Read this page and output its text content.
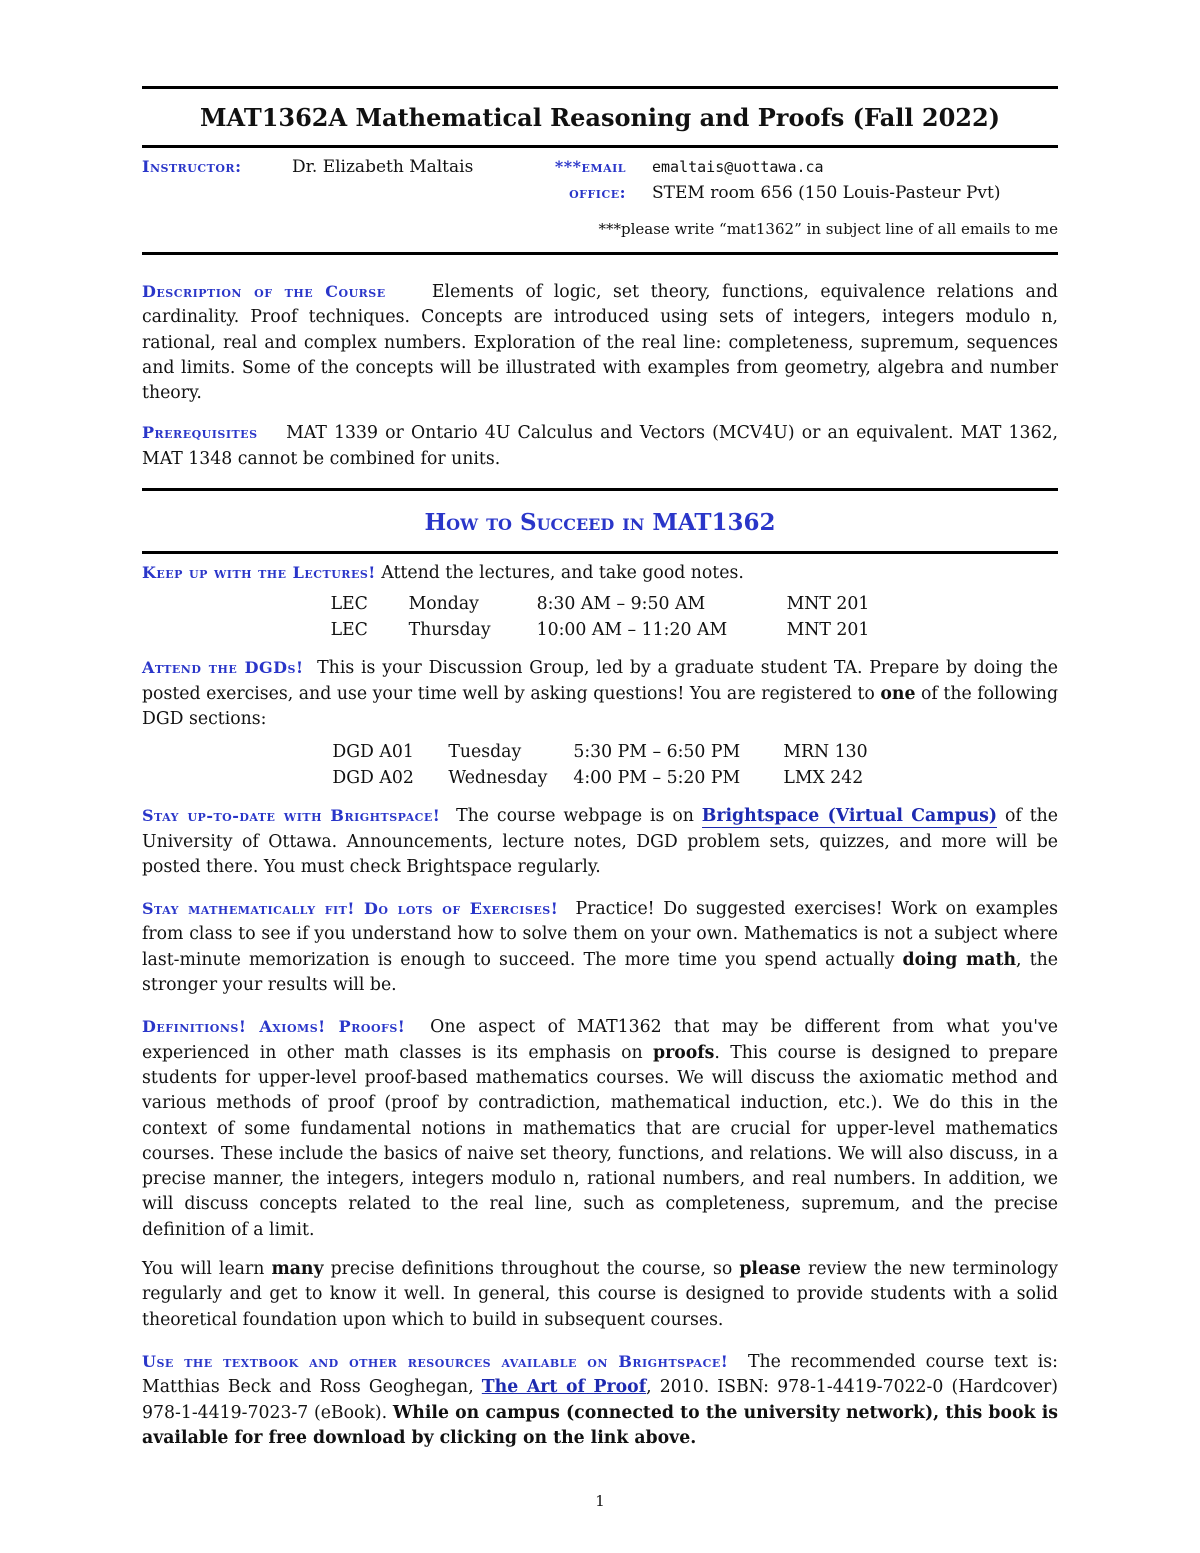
MAT1362A Mathematical Reasoning and Proofs (Fall 2022)
Instructor:	Dr. Elizabeth Maltais	***email	emaltais@uottawa.ca
office:	STEM room 656 (150 Louis-Pasteur Pvt)
***please write “mat1362” in subject line of all emails to me

Description of the Course	Elements of logic, set theory, functions, equivalence relations and cardinality. Proof techniques. Concepts are introduced using sets of integers, integers modulo n, rational, real and complex numbers. Exploration of the real line: completeness, supremum, sequences and limits. Some of the concepts will be illustrated with examples from geometry, algebra and number theory.

Prerequisites MAT 1339 or Ontario 4U Calculus and Vectors (MCV4U) or an equivalent. MAT 1362, MAT 1348 cannot be combined for units.

How to Succeed in MAT1362

Keep up with the Lectures! Attend the lectures, and take good notes.

LEC	Monday	8:30 AM – 9:50 AM	MNT 201
LEC	Thursday	10:00 AM – 11:20 AM	MNT 201

Attend the DGDs! This is your Discussion Group, led by a graduate student TA. Prepare by doing the posted exercises, and use your time well by asking questions! You are registered to one of the following DGD sections:

DGD A01	Tuesday	5:30 PM – 6:50 PM	MRN 130
DGD A02	Wednesday	4:00 PM – 5:20 PM	LMX 242

Stay up-to-date with Brightspace! The course webpage is on Brightspace (Virtual Campus) of the University of Ottawa. Announcements, lecture notes, DGD problem sets, quizzes, and more will be posted there. You must check Brightspace regularly.

Stay mathematically fit! Do lots of Exercises! Practice! Do suggested exercises! Work on examples from class to see if you understand how to solve them on your own. Mathematics is not a subject where last-minute memorization is enough to succeed. The more time you spend actually doing math, the stronger your results will be.

Definitions! Axioms! Proofs! One aspect of MAT1362 that may be different from what you've experienced in other math classes is its emphasis on proofs. This course is designed to prepare students for upper-level proof-based mathematics courses. We will discuss the axiomatic method and various methods of proof (proof by contradiction, mathematical induction, etc.). We do this in the context of some fundamental notions in mathematics that are crucial for upper-level mathematics courses. These include the basics of naive set theory, functions, and relations. We will also discuss, in a precise manner, the integers, integers modulo n, rational numbers, and real numbers. In addition, we will discuss concepts related to the real line, such as completeness, supremum, and the precise definition of a limit.

You will learn many precise definitions throughout the course, so please review the new terminology regularly and get to know it well. In general, this course is designed to provide students with a solid theoretical foundation upon which to build in subsequent courses.

Use the textbook and other resources available on Brightspace! The recommended course text is: Matthias Beck and Ross Geoghegan, The Art of Proof, 2010. ISBN: 978-1-4419-7022-0 (Hardcover) 978-1-4419-7023-7 (eBook). While on campus (connected to the university network), this book is available for free download by clicking on the link above.

1
